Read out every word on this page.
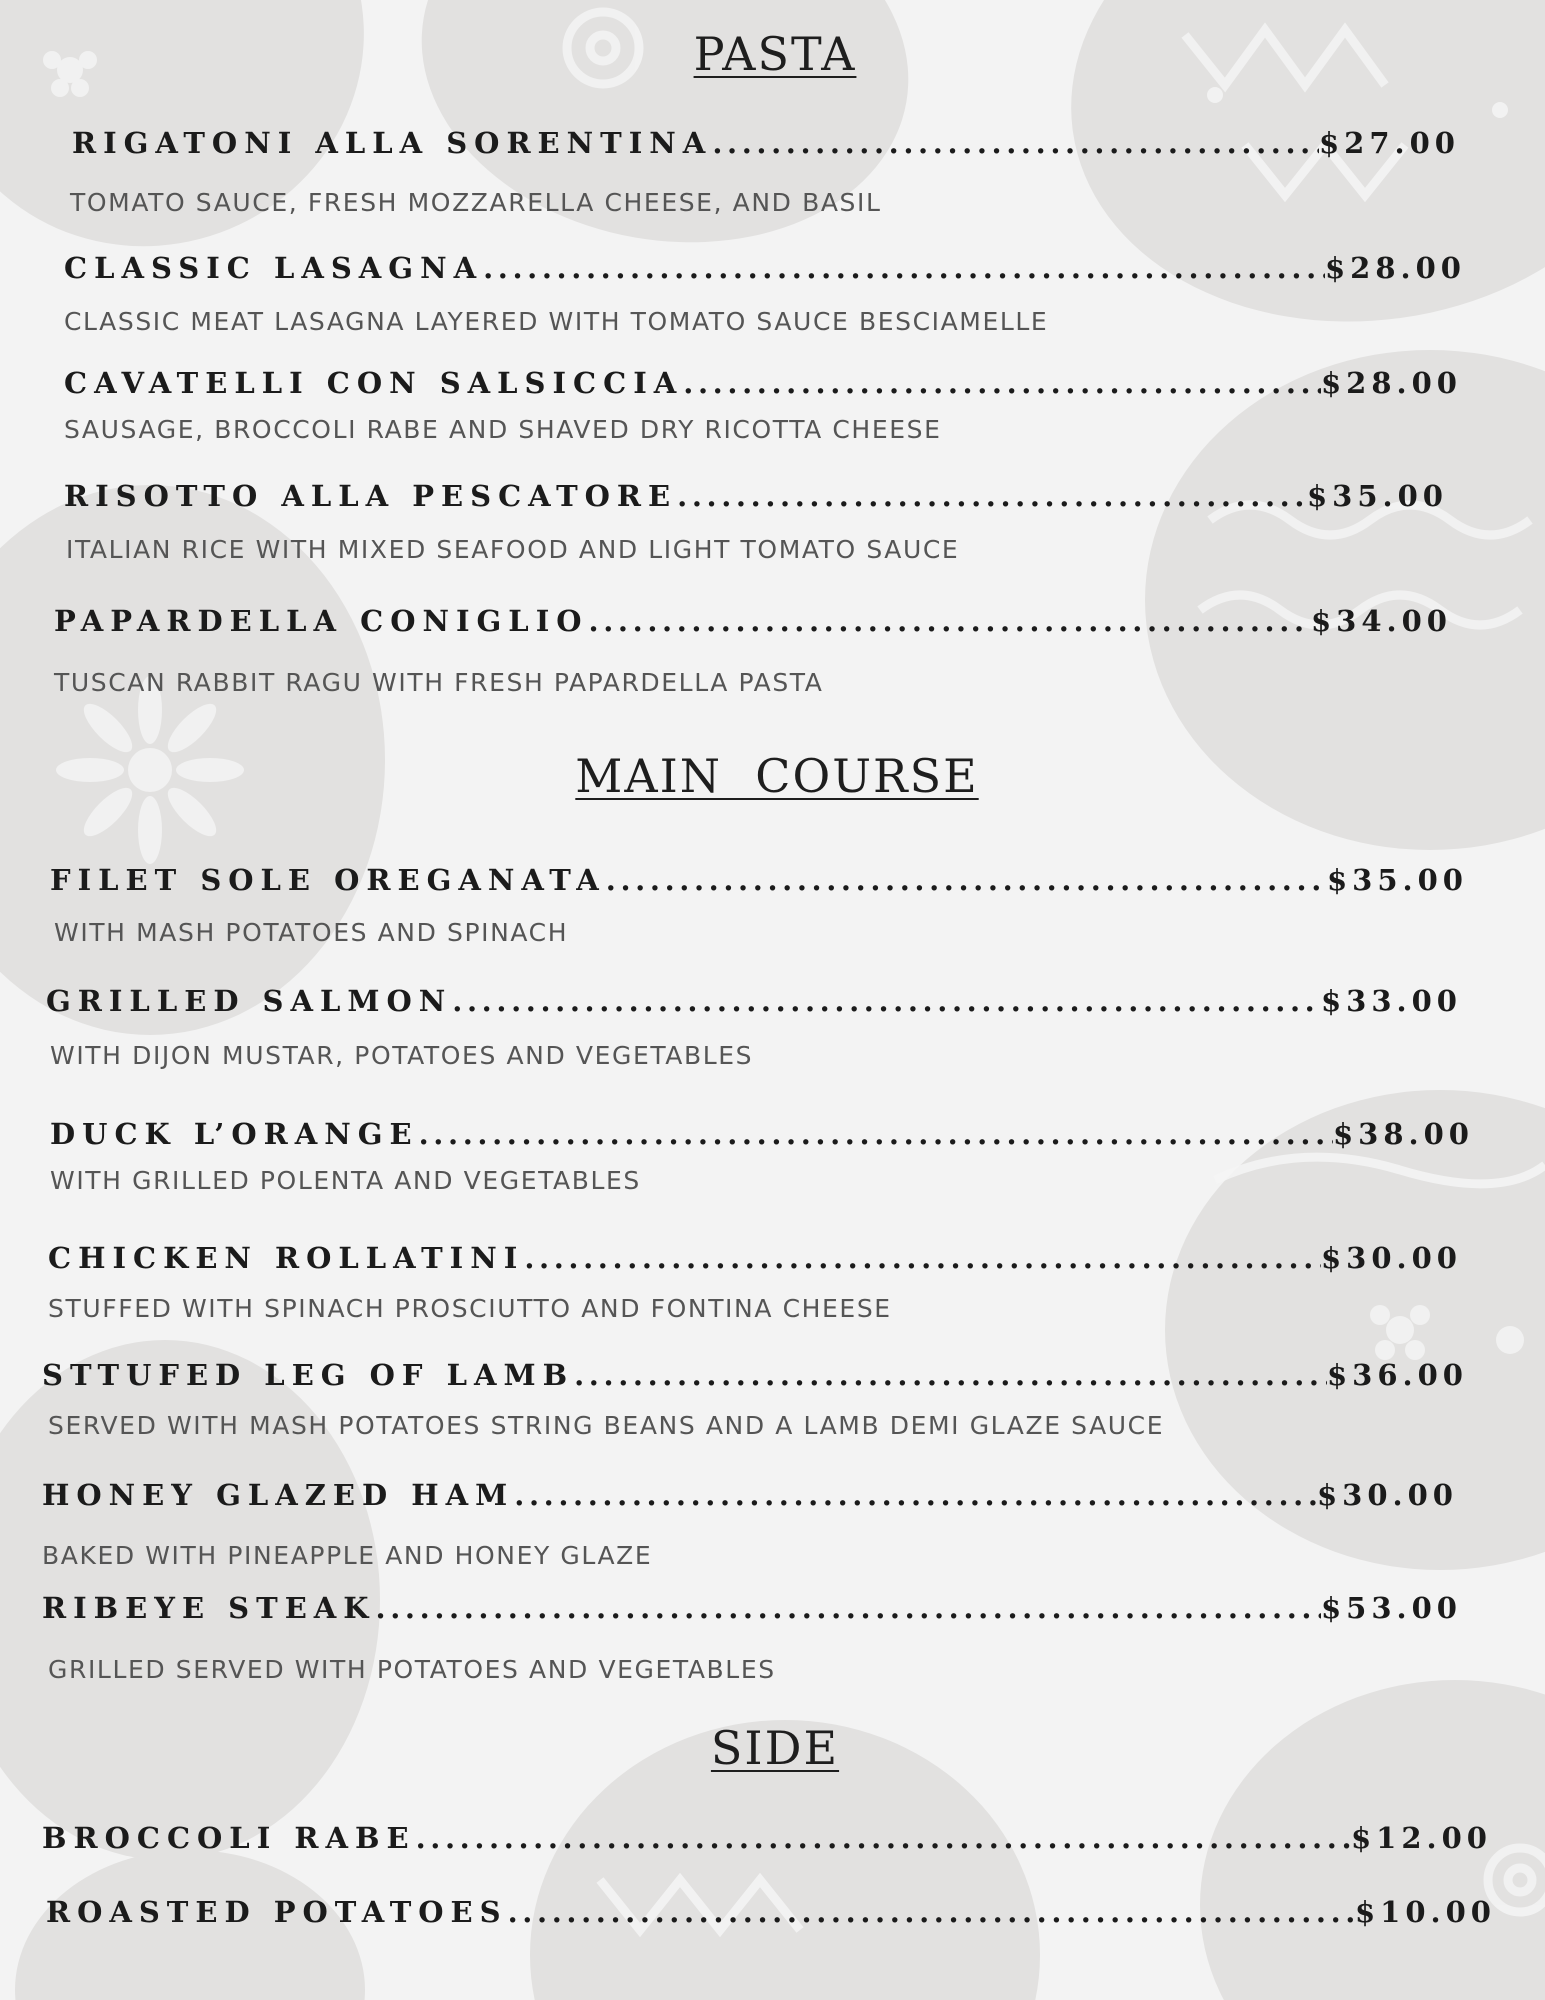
PASTA
RIGATONI ALLA SORENTINA .....	$27.00
TOMATO SAUCE, FRESH MOZZARELLA CHEESE, AND BASIL
CLASSIC LASAGNA .....	$28.00
CLASSIC MEAT LASAGNA LAYERED WITH TOMATO SAUCE BESCIAMELLE
CAVATELLI CON SALSICCIA .....	$28.00
SAUSAGE, BROCCOLI RABE AND SHAVED DRY RICOTTA CHEESE
RISOTTO ALLA PESCATORE .....	$35.00
ITALIAN RICE WITH MIXED SEAFOOD AND LIGHT TOMATO SAUCE
PAPARDELLA CONIGLIO .....	$34.00
TUSCAN RABBIT RAGU WITH FRESH PAPARDELLA PASTA
MAIN  COURSE
FILET SOLE OREGANATA .....	$35.00
WITH MASH POTATOES AND SPINACH
GRILLED SALMON .....	$33.00
WITH DIJON MUSTAR, POTATOES AND VEGETABLES
DUCK L’ORANGE .....	$38.00
WITH GRILLED POLENTA AND VEGETABLES
CHICKEN ROLLATINI .....	$30.00
STUFFED WITH SPINACH PROSCIUTTO AND FONTINA CHEESE
STTUFED LEG OF LAMB .....	$36.00
SERVED WITH MASH POTATOES STRING BEANS AND A LAMB DEMI GLAZE SAUCE
HONEY GLAZED HAM .....	$30.00
BAKED WITH PINEAPPLE AND HONEY GLAZE
RIBEYE STEAK .....	$53.00
GRILLED SERVED WITH POTATOES AND VEGETABLES
SIDE
BROCCOLI RABE .....	$12.00
ROASTED POTATOES .....	$10.00
